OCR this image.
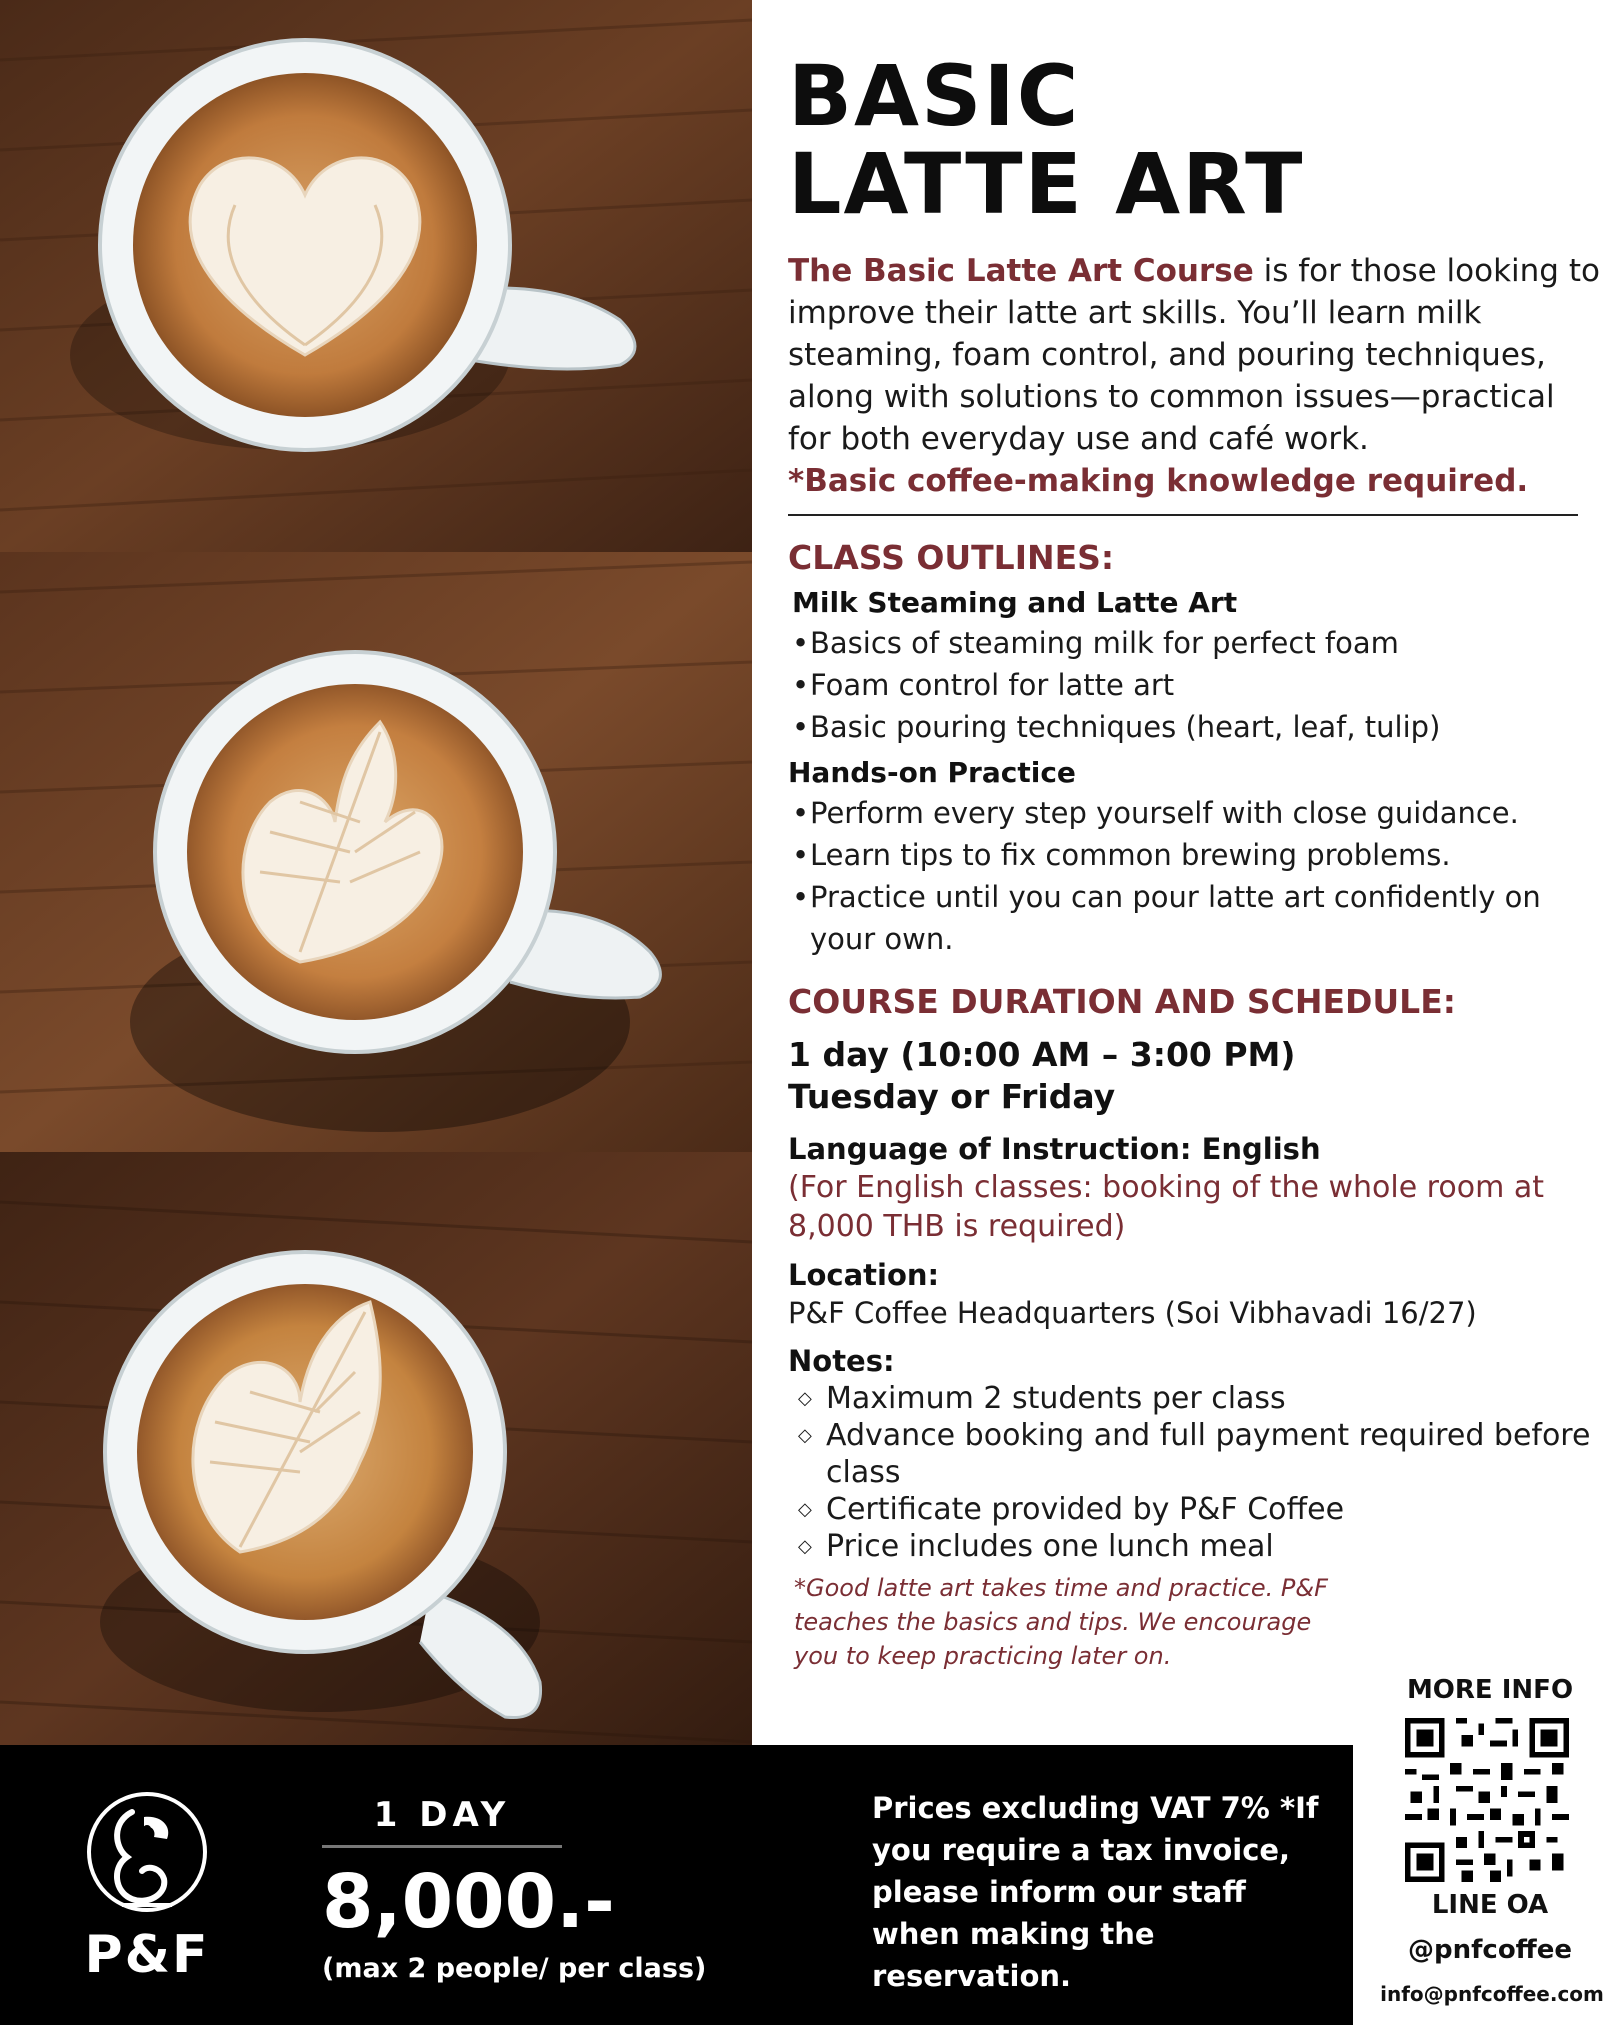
BASIC
LATTE ART

The Basic Latte Art Course is for those looking to improve their latte art skills. You’ll learn milk steaming, foam control, and pouring techniques, along with solutions to common issues—practical for both everyday use and café work.
*Basic coffee-making knowledge required.

CLASS OUTLINES:
Milk Steaming and Latte Art
•Basics of steaming milk for perfect foam
•Foam control for latte art
•Basic pouring techniques (heart, leaf, tulip)
Hands-on Practice
•Perform every step yourself with close guidance.
•Learn tips to fix common brewing problems.
•Practice until you can pour latte art confidently on your own.
COURSE DURATION AND SCHEDULE:
1 day (10:00 AM – 3:00 PM)
Tuesday or Friday
Language of Instruction: English
(For English classes: booking of the whole room at 8,000 THB is required)
Location:
P&F Coffee Headquarters (Soi Vibhavadi 16/27)
Notes:
◇ Maximum 2 students per class
◇ Advance booking and full payment required before class
◇ Certificate provided by P&F Coffee
◇ Price includes one lunch meal

*Good latte art takes time and practice. P&F teaches the basics and tips. We encourage you to keep practicing later on.

MORE INFO
LINE OA
@pnfcoffee
info@pnfcoffee.com
P&F
1 DAY
8,000.-
(max 2 people/ per class)
Prices excluding VAT 7% *If you require a tax invoice, please inform our staff when making the reservation.
